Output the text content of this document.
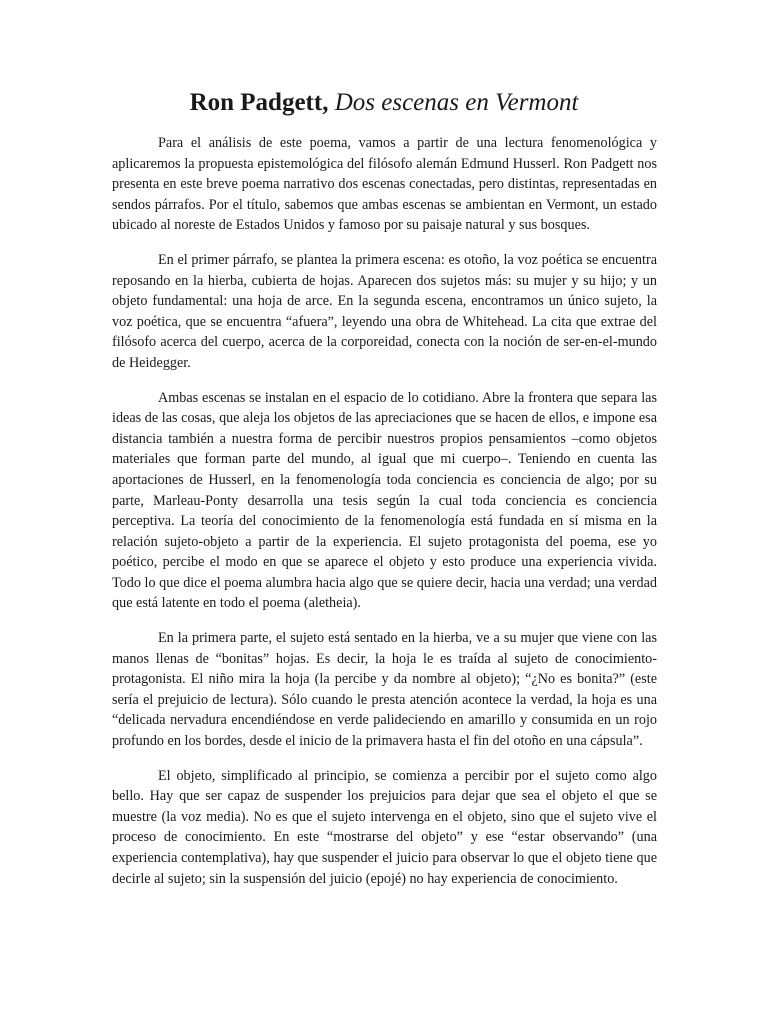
Ron Padgett, Dos escenas en Vermont

Para el análisis de este poema, vamos a partir de una lectura fenomenológica y aplicaremos la propuesta epistemológica del filósofo alemán Edmund Husserl. Ron Padgett nos presenta en este breve poema narrativo dos escenas conectadas, pero distintas, representadas en sendos párrafos. Por el título, sabemos que ambas escenas se ambientan en Vermont, un estado ubicado al noreste de Estados Unidos y famoso por su paisaje natural y sus bosques.

En el primer párrafo, se plantea la primera escena: es otoño, la voz poética se encuentra reposando en la hierba, cubierta de hojas. Aparecen dos sujetos más: su mujer y su hijo; y un objeto fundamental: una hoja de arce. En la segunda escena, encontramos un único sujeto, la voz poética, que se encuentra “afuera”, leyendo una obra de Whitehead. La cita que extrae del filósofo acerca del cuerpo, acerca de la corporeidad, conecta con la noción de ser-en-el-mundo de Heidegger.

Ambas escenas se instalan en el espacio de lo cotidiano. Abre la frontera que separa las ideas de las cosas, que aleja los objetos de las apreciaciones que se hacen de ellos, e impone esa distancia también a nuestra forma de percibir nuestros propios pensamientos –como objetos materiales que forman parte del mundo, al igual que mi cuerpo–. Teniendo en cuenta las aportaciones de Husserl, en la fenomenología toda conciencia es conciencia de algo; por su parte, Marleau-Ponty desarrolla una tesis según la cual toda conciencia es conciencia perceptiva. La teoría del conocimiento de la fenomenología está fundada en sí misma en la relación sujeto-objeto a partir de la experiencia. El sujeto protagonista del poema, ese yo poético, percibe el modo en que se aparece el objeto y esto produce una experiencia vivida. Todo lo que dice el poema alumbra hacia algo que se quiere decir, hacia una verdad; una verdad que está latente en todo el poema (aletheia).

En la primera parte, el sujeto está sentado en la hierba, ve a su mujer que viene con las manos llenas de “bonitas” hojas. Es decir, la hoja le es traída al sujeto de conocimiento-protagonista. El niño mira la hoja (la percibe y da nombre al objeto); “¿No es bonita?” (este sería el prejuicio de lectura). Sólo cuando le presta atención acontece la verdad, la hoja es una “delicada nervadura encendiéndose en verde palideciendo en amarillo y consumida en un rojo profundo en los bordes, desde el inicio de la primavera hasta el fin del otoño en una cápsula”.

El objeto, simplificado al principio, se comienza a percibir por el sujeto como algo bello. Hay que ser capaz de suspender los prejuicios para dejar que sea el objeto el que se muestre (la voz media). No es que el sujeto intervenga en el objeto, sino que el sujeto vive el proceso de conocimiento. En este “mostrarse del objeto” y ese “estar observando” (una experiencia contemplativa), hay que suspender el juicio para observar lo que el objeto tiene que decirle al sujeto; sin la suspensión del juicio (epojé) no hay experiencia de conocimiento.
